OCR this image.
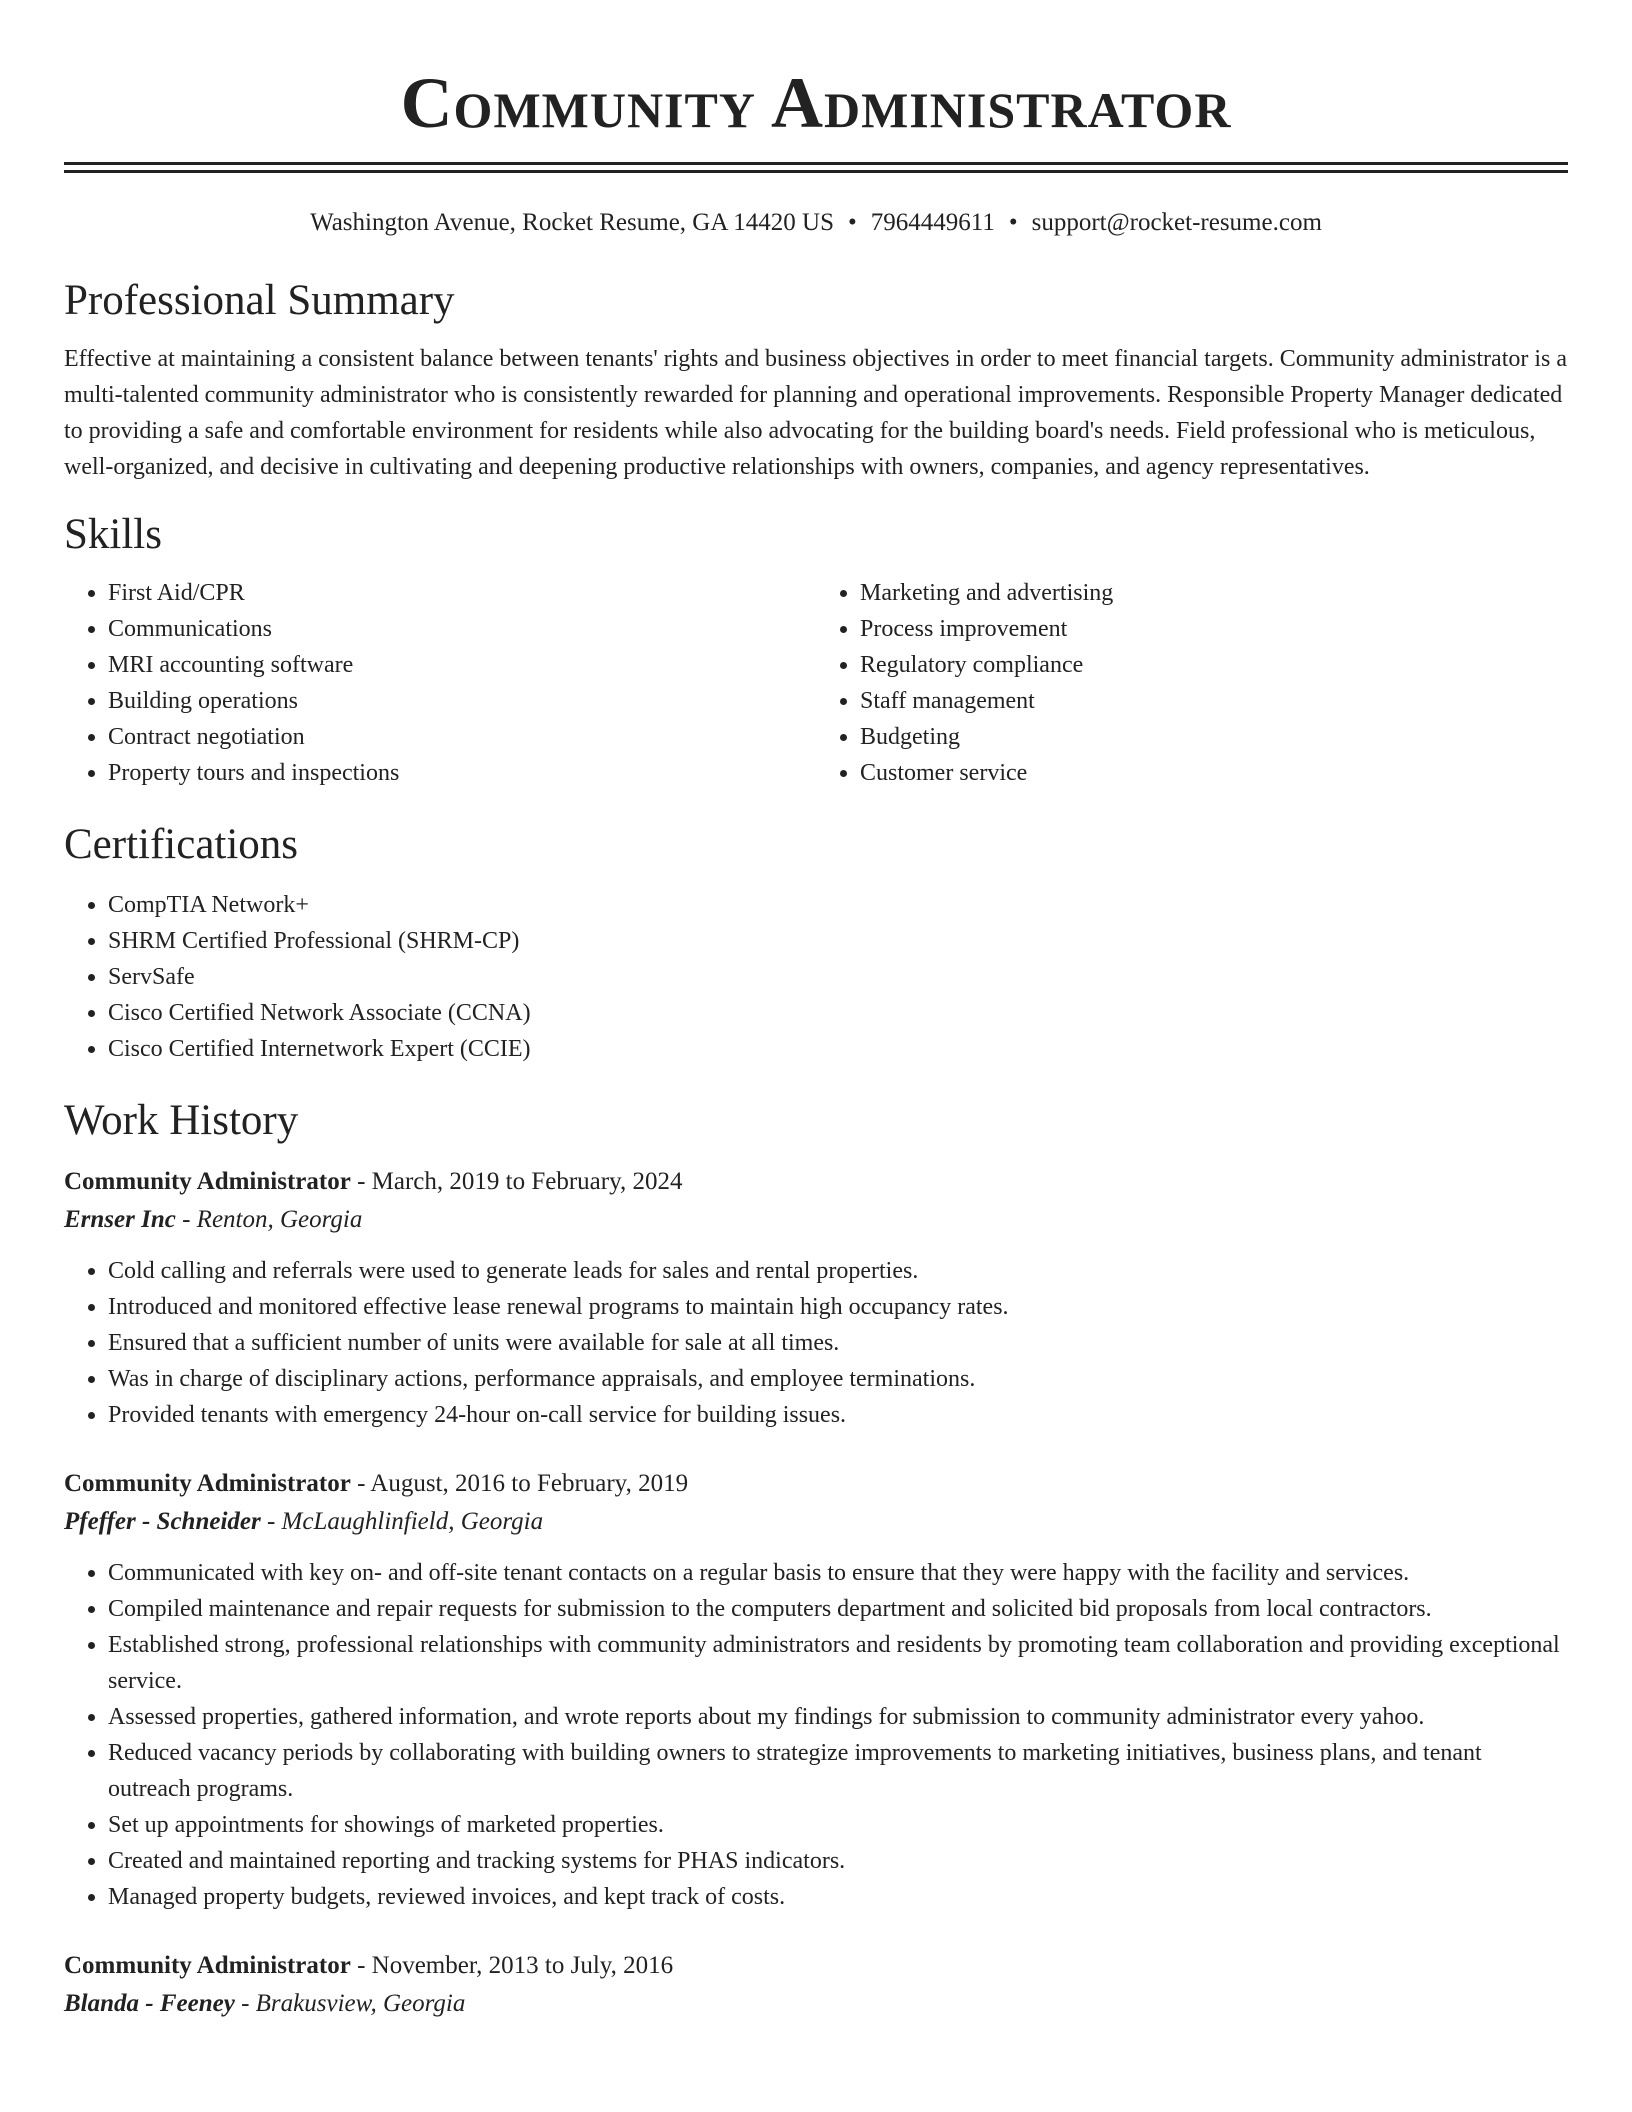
Community Administrator
Washington Avenue, Rocket Resume, GA 14420 US • 7964449611 • support@rocket-resume.com
Professional Summary

Effective at maintaining a consistent balance between tenants' rights and business objectives in order to meet financial targets. Community administrator is a multi-talented community administrator who is consistently rewarded for planning and operational improvements. Responsible Property Manager dedicated to providing a safe and comfortable environment for residents while also advocating for the building board's needs. Field professional who is meticulous, well-organized, and decisive in cultivating and deepening productive relationships with owners, companies, and agency representatives.

Skills
• First Aid/CPR
• Communications
• MRI accounting software
• Building operations
• Contract negotiation
• Property tours and inspections
• Marketing and advertising
• Process improvement
• Regulatory compliance
• Staff management
• Budgeting
• Customer service
Certifications
• CompTIA Network+
• SHRM Certified Professional (SHRM-CP)
• ServSafe
• Cisco Certified Network Associate (CCNA)
• Cisco Certified Internetwork Expert (CCIE)
Work History
Community Administrator - March, 2019 to February, 2024
Ernser Inc - Renton, Georgia
• Cold calling and referrals were used to generate leads for sales and rental properties.
• Introduced and monitored effective lease renewal programs to maintain high occupancy rates.
• Ensured that a sufficient number of units were available for sale at all times.
• Was in charge of disciplinary actions, performance appraisals, and employee terminations.
• Provided tenants with emergency 24-hour on-call service for building issues.
Community Administrator - August, 2016 to February, 2019
Pfeffer - Schneider - McLaughlinfield, Georgia
• Communicated with key on- and off-site tenant contacts on a regular basis to ensure that they were happy with the facility and services.
• Compiled maintenance and repair requests for submission to the computers department and solicited bid proposals from local contractors.
• Established strong, professional relationships with community administrators and residents by promoting team collaboration and providing exceptional service.
• Assessed properties, gathered information, and wrote reports about my findings for submission to community administrator every yahoo.
• Reduced vacancy periods by collaborating with building owners to strategize improvements to marketing initiatives, business plans, and tenant outreach programs.
• Set up appointments for showings of marketed properties.
• Created and maintained reporting and tracking systems for PHAS indicators.
• Managed property budgets, reviewed invoices, and kept track of costs.
Community Administrator - November, 2013 to July, 2016
Blanda - Feeney - Brakusview, Georgia
